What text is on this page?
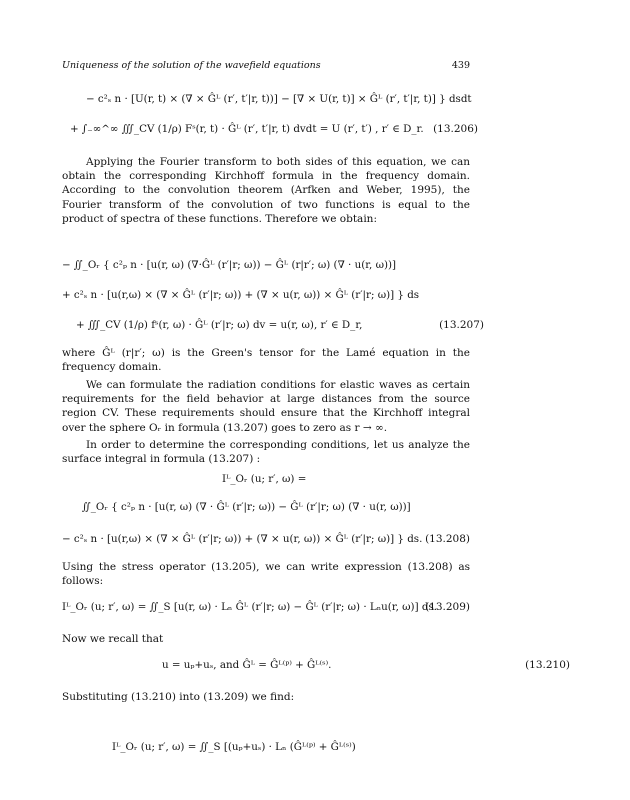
Uniqueness of the solution of the wavefield equations	439
− c²ₛ n · [U(r, t) × (∇ × Ĝᴸ (r′, t′|r, t))] − [∇ × U(r, t)] × Ĝᴸ (r′, t′|r, t)] } dsdt
+ ∫₋∞^∞ ∭_CV (1/ρ) Fˢ(r, t) · Ĝᴸ (r′, t′|r, t) dvdt = U (r′, t′) , r′ ∈ D_r. (13.206)
Applying the Fourier transform to both sides of this equation, we can obtain the corresponding Kirchhoff formula in the frequency domain. According to the convolution theorem (Arfken and Weber, 1995), the Fourier transform of the convolution of two functions is equal to the product of spectra of these functions. Therefore we obtain:
− ∬_Oᵣ { c²ₚ n · [u(r, ω) (∇·Ĝᴸ (r′|r; ω)) − Ĝᴸ (r|r′; ω) (∇ · u(r, ω))]
+ c²ₛ n · [u(r,ω) × (∇ × Ĝᴸ (r′|r; ω)) + (∇ × u(r, ω)) × Ĝᴸ (r′|r; ω)] } ds
+ ∭_CV (1/ρ) fˢ(r, ω) · Ĝᴸ (r′|r; ω) dv = u(r, ω), r′ ∈ D_r,	(13.207)
where Ĝᴸ (r|r′; ω) is the Green's tensor for the Lamé equation in the frequency domain.
We can formulate the radiation conditions for elastic waves as certain requirements for the field behavior at large distances from the source region CV. These requirements should ensure that the Kirchhoff integral over the sphere Oᵣ in formula (13.207) goes to zero as r → ∞.
In order to determine the corresponding conditions, let us analyze the surface integral in formula (13.207) :
Iᴸ_Oᵣ (u; r′, ω) =
∬_Oᵣ { c²ₚ n · [u(r, ω) (∇ · Ĝᴸ (r′|r; ω)) − Ĝᴸ (r′|r; ω) (∇ · u(r, ω))]
− c²ₛ n · [u(r,ω) × (∇ × Ĝᴸ (r′|r; ω)) + (∇ × u(r, ω)) × Ĝᴸ (r′|r; ω)] } ds. (13.208)
Using the stress operator (13.205), we can write expression (13.208) as follows:
Iᴸ_Oᵣ (u; r′, ω) = ∬_S [u(r, ω) · Lₙ Ĝᴸ (r′|r; ω) − Ĝᴸ (r′|r; ω) · Lₙu(r, ω)] ds.
(13.209)
Now we recall that
u = uₚ+uₛ, and Ĝᴸ = Ĝᴸ⁽ᵖ⁾ + Ĝᴸ⁽ˢ⁾.	(13.210)
Substituting (13.210) into (13.209) we find:
Iᴸ_Oᵣ (u; r′, ω) = ∬_S [(uₚ+uₛ) · Lₙ (Ĝᴸ⁽ᵖ⁾ + Ĝᴸ⁽ˢ⁾)
